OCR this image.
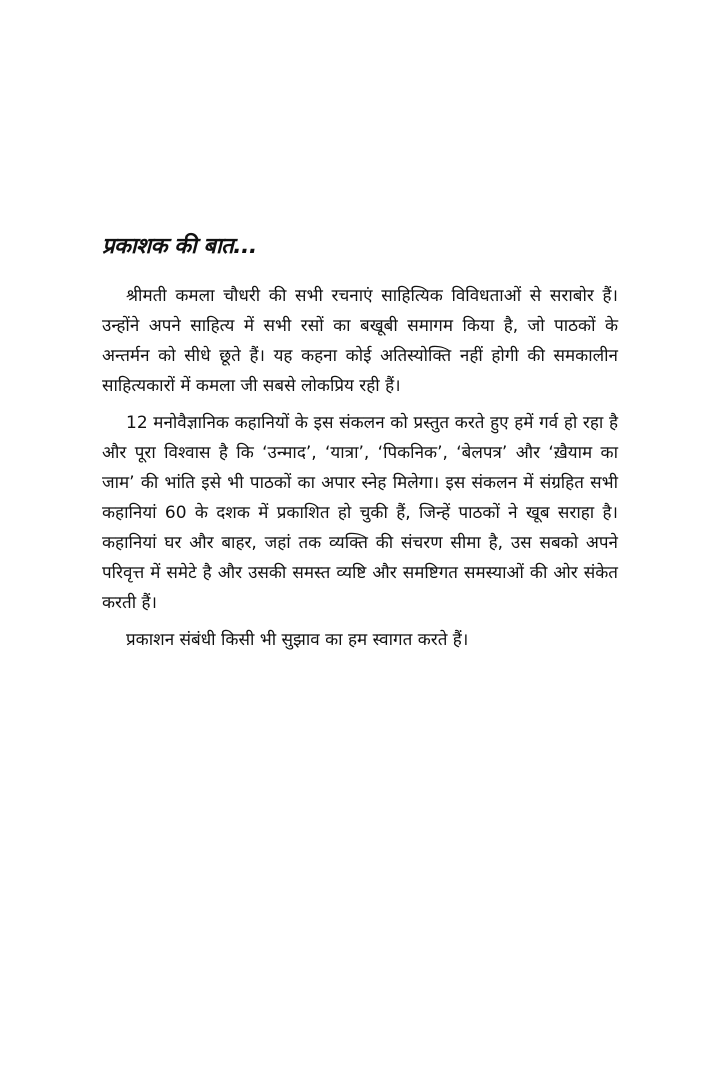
प्रकाशक की बात...

श्रीमती कमला चौधरी की सभी रचनाएं साहित्यिक विविधताओं से सराबोर हैं। उन्होंने अपने साहित्य में सभी रसों का बखूबी समागम किया है, जो पाठकों के अन्तर्मन को सीधे छूते हैं। यह कहना कोई अतिस्योक्ति नहीं होगी की समकालीन साहित्यकारों में कमला जी सबसे लोकप्रिय रही हैं।

12 मनोवैज्ञानिक कहानियों के इस संकलन को प्रस्तुत करते हुए हमें गर्व हो रहा है और पूरा विश्वास है कि ‘उन्माद’, ‘यात्रा’, ‘पिकनिक’, ‘बेलपत्र’ और ‘ख़ैयाम का जाम’ की भांति इसे भी पाठकों का अपार स्नेह मिलेगा। इस संकलन में संग्रहित सभी कहानियां 60 के दशक में प्रकाशित हो चुकी हैं, जिन्हें पाठकों ने खूब सराहा है। कहानियां घर और बाहर, जहां तक व्यक्ति की संचरण सीमा है, उस सबको अपने परिवृत्त में समेटे है और उसकी समस्त व्यष्टि और समष्टिगत समस्याओं की ओर संकेत करती हैं।

प्रकाशन संबंधी किसी भी सुझाव का हम स्वागत करते हैं।
